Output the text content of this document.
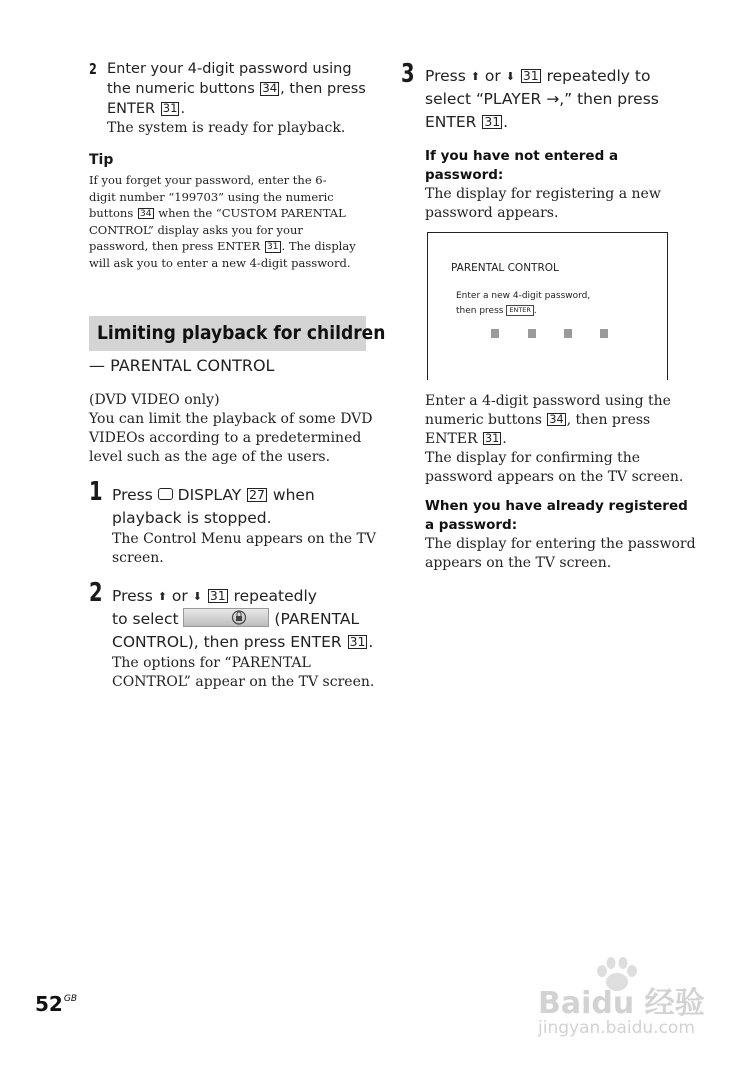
2 Enter your 4-digit password using
the numeric buttons 34 , then press
ENTER 31 .
The system is ready for playback.
Tip
If you forget your password, enter the 6-
digit number “199703” using the numeric
buttons 34 when the “CUSTOM PARENTAL
CONTROL” display asks you for your
password, then press ENTER 31 . The display
will ask you to enter a new 4-digit password.
Limiting playback for children
— PARENTAL CONTROL
(DVD VIDEO only)
You can limit the playback of some DVD
VIDEOs according to a predetermined
level such as the age of the users.
1 Press DISPLAY 27 when
playback is stopped.
The Control Menu appears on the TV
screen.
2 Press ⬆ or ⬇ 31 repeatedly
to select	(PARENTAL
CONTROL), then press ENTER 31 .
The options for “PARENTAL
CONTROL” appear on the TV screen.
3 Press ⬆ or ⬇ 31 repeatedly to
select “PLAYER →,” then press
ENTER 31 .
If you have not entered a
password:
The display for registering a new
password appears.
PARENTAL CONTROL
Enter a new 4-digit password,
then press ENTER .
Enter a 4-digit password using the
numeric buttons 34 , then press
ENTER 31 .
The display for confirming the
password appears on the TV screen.
When you have already registered
a password:
The display for entering the password
appears on the TV screen.
$52^{GB}$	Baidu 经验
jingyan.baidu.com
